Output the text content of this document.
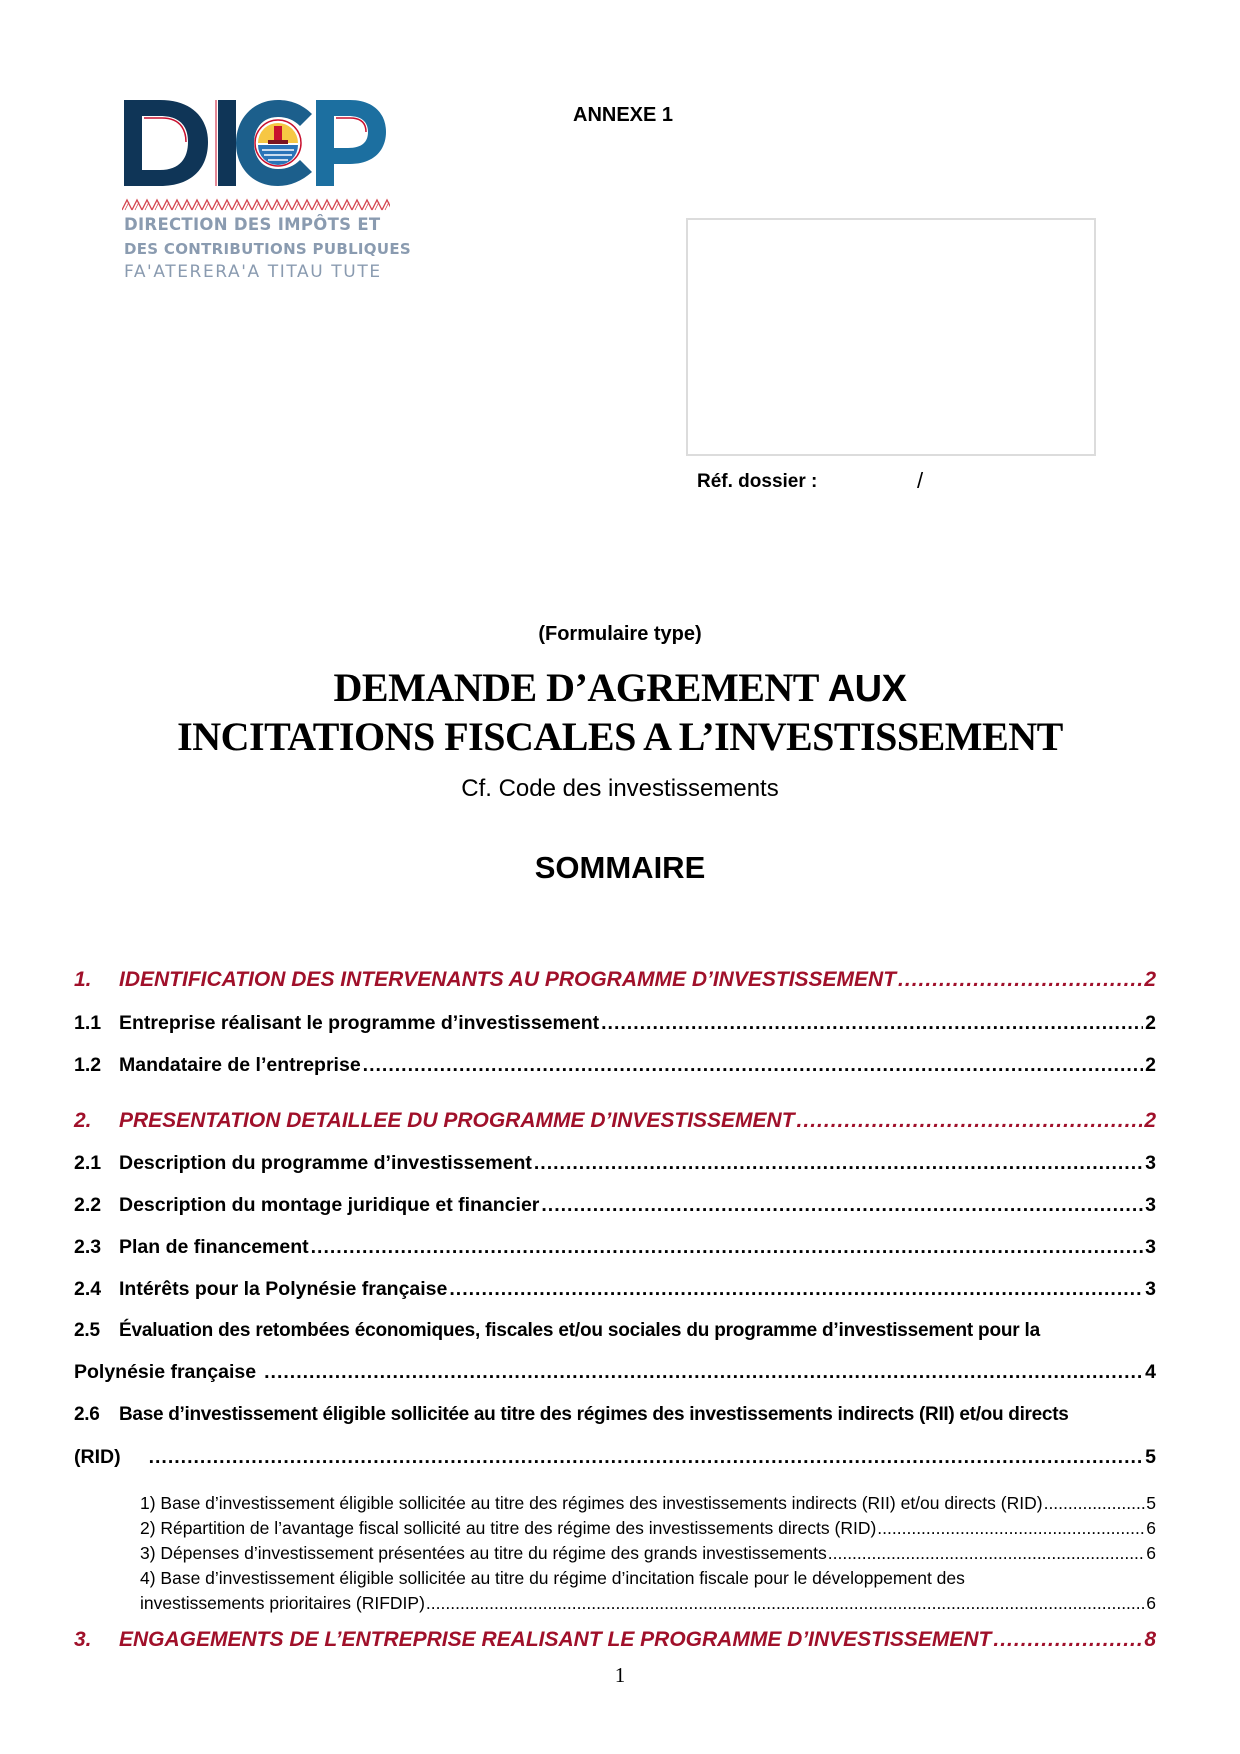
DIRECTION DES IMPÔTS ET
DES CONTRIBUTIONS PUBLIQUES
FA'ATERERA'A TITAU TUTE
ANNEXE 1
Réf. dossier :	/
(Formulaire type)
DEMANDE D’AGREMENT AUX
INCITATIONS FISCALES A L’INVESTISSEMENT
Cf. Code des investissements
SOMMAIRE
1. IDENTIFICATION DES INTERVENANTS AU PROGRAMME D’INVESTISSEMENT .....	2
1.1 Entreprise réalisant le programme d’investissement .....	2
1.2 Mandataire de l’entreprise .....	2
2. PRESENTATION DETAILLEE DU PROGRAMME D’INVESTISSEMENT .....	2
2.1 Description du programme d’investissement .....	3
2.2 Description du montage juridique et financier .....	3
2.3 Plan de financement .....	3
2.4 Intérêts pour la Polynésie française .....	3
2.5 Évaluation des retombées économiques, fiscales et/ou sociales du programme d’investissement pour la
Polynésie française .....	4
2.6 Base d’investissement éligible sollicitée au titre des régimes des investissements indirects (RII) et/ou directs
(RID) .....	5
1) Base d’investissement éligible sollicitée au titre des régimes des investissements indirects (RII) et/ou directs (RID) .....	5
2) Répartition de l’avantage fiscal sollicité au titre des régime des investissements directs (RID) .....	6
3) Dépenses d’investissement présentées au titre du régime des grands investissements .....	6
4) Base d’investissement éligible sollicitée au titre du régime d’incitation fiscale pour le développement des
investissements prioritaires (RIFDIP) .....	6
3. ENGAGEMENTS DE L’ENTREPRISE REALISANT LE PROGRAMME D’INVESTISSEMENT .....	8
1
